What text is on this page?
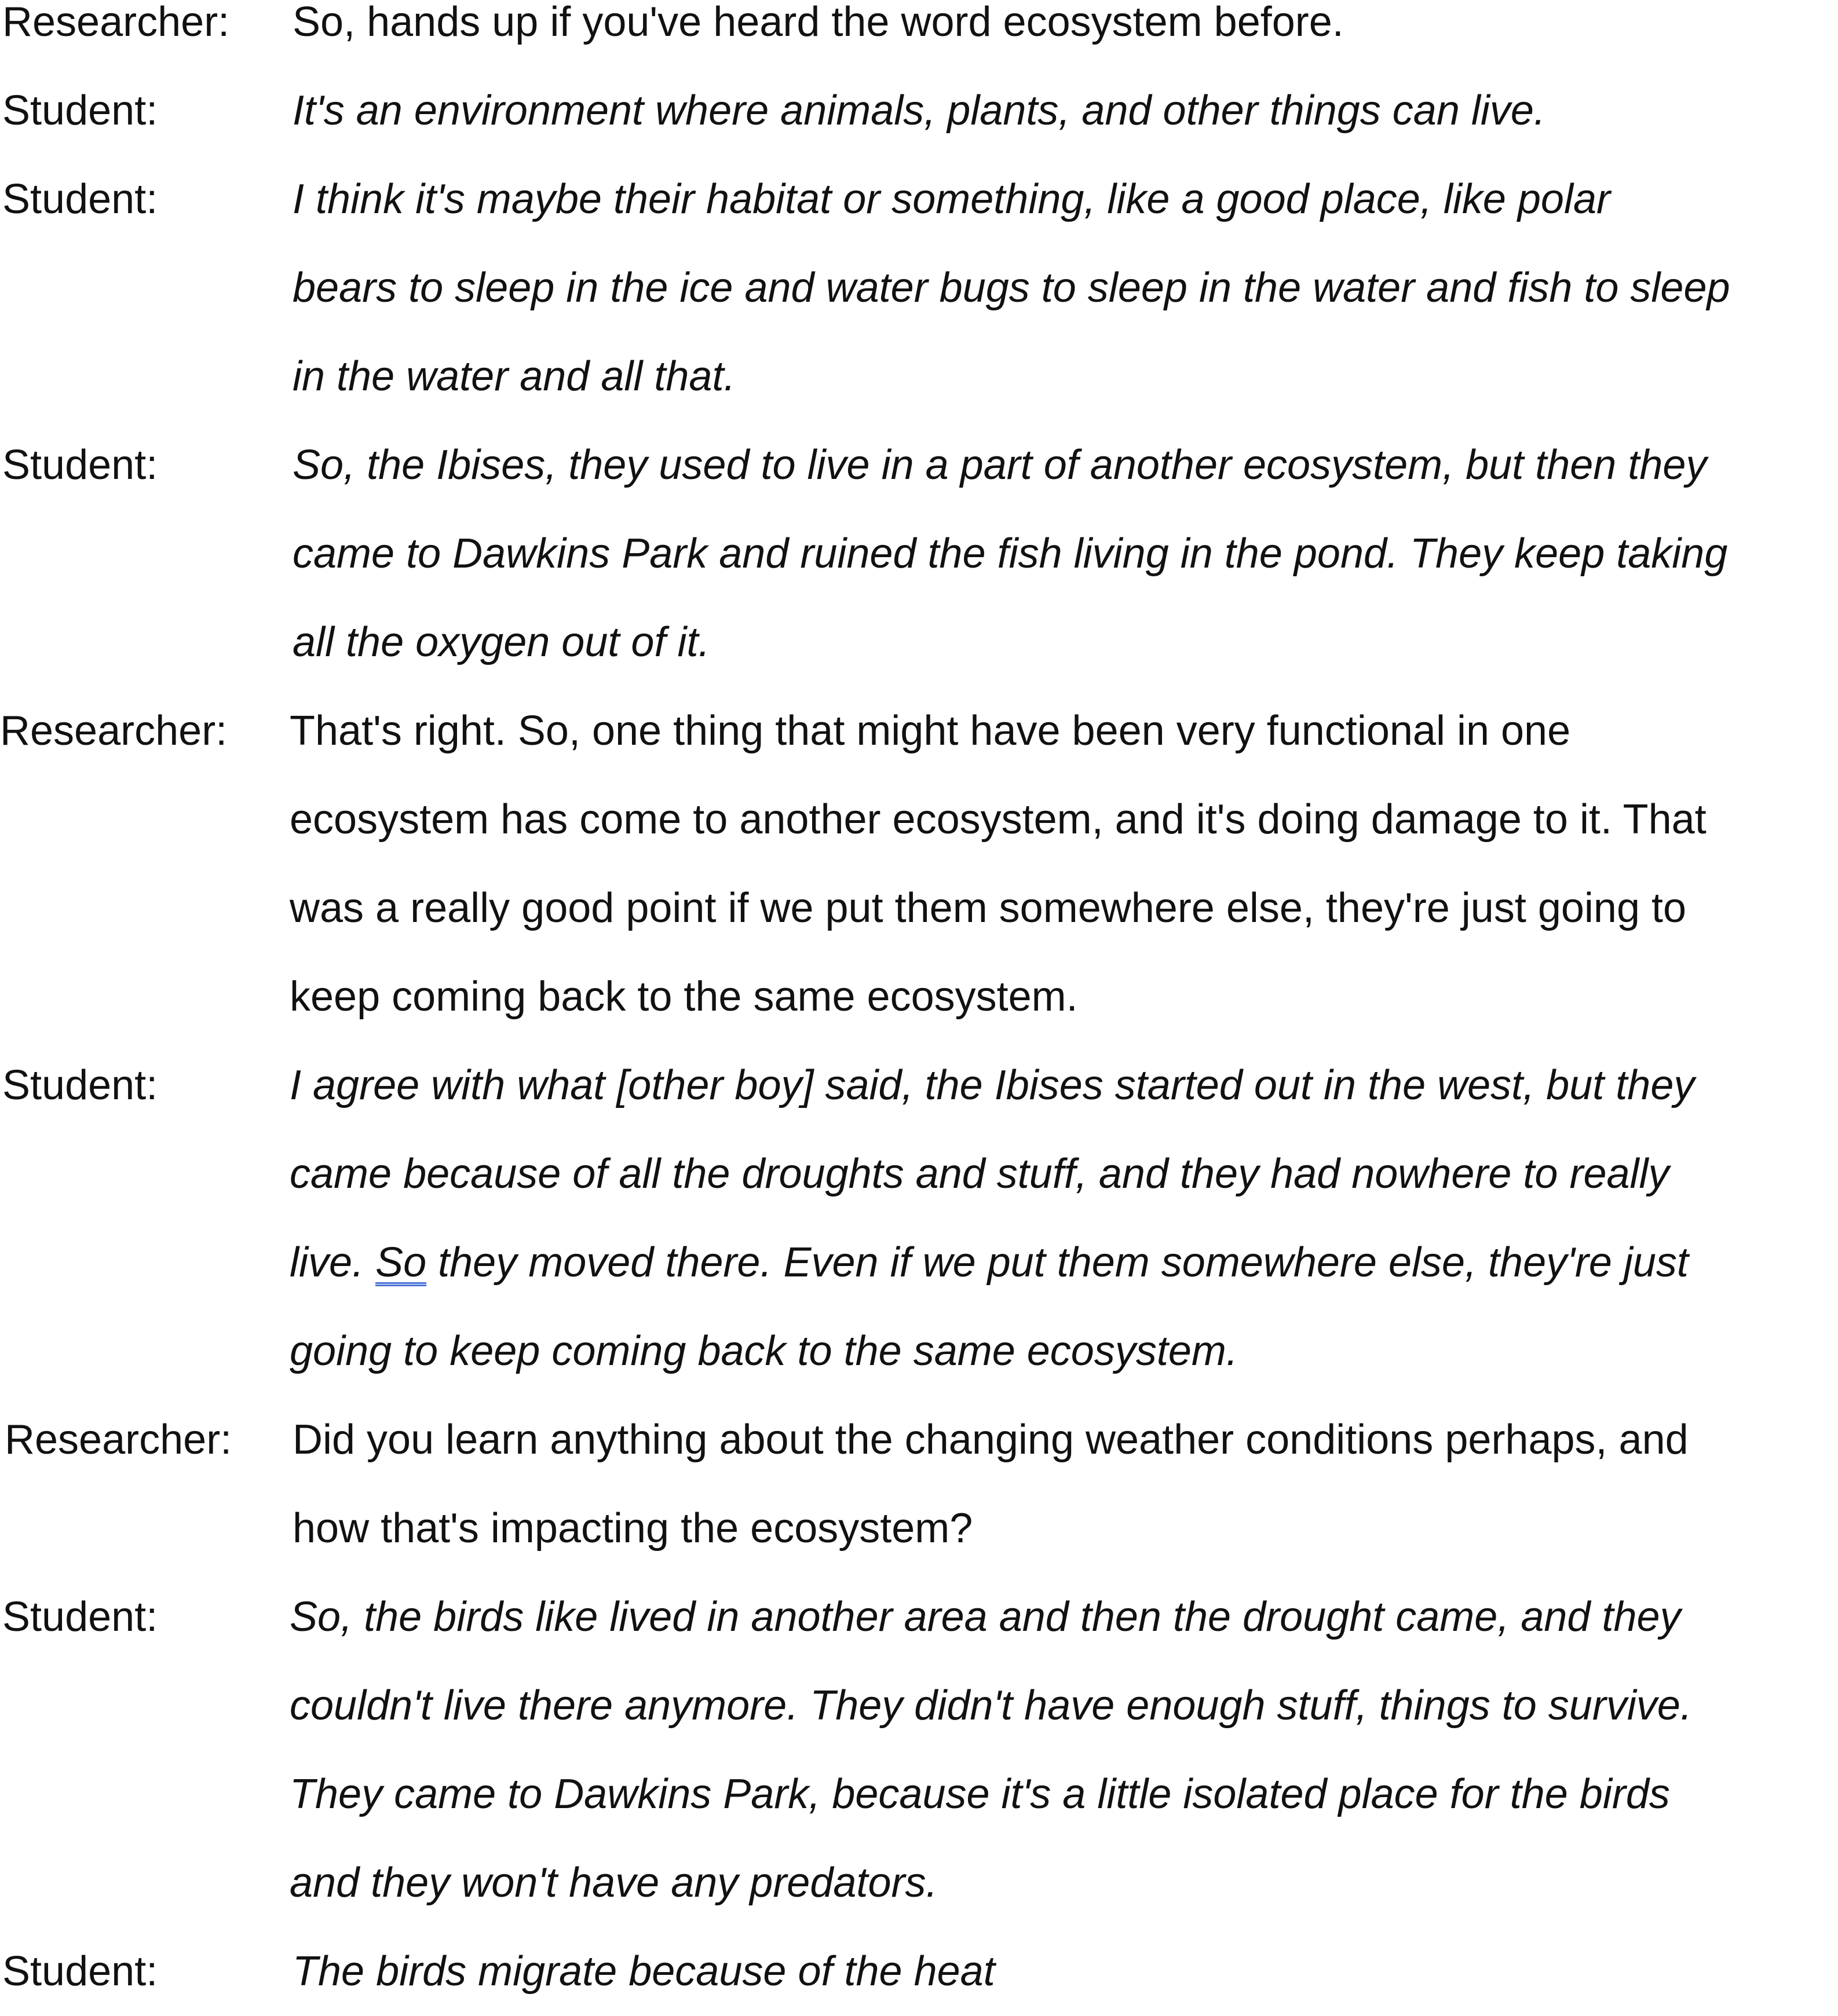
Researcher: So, hands up if you've heard the word ecosystem before.
Student:	It's an environment where animals, plants, and other things can live.
Student:	I think it's maybe their habitat or something, like a good place, like polar
bears to sleep in the ice and water bugs to sleep in the water and fish to sleep
in the water and all that.
Student:	So, the Ibises, they used to live in a part of another ecosystem, but then they
came to Dawkins Park and ruined the fish living in the pond. They keep taking
all the oxygen out of it.
Researcher: That's right. So, one thing that might have been very functional in one
ecosystem has come to another ecosystem, and it's doing damage to it. That
was a really good point if we put them somewhere else, they're just going to
keep coming back to the same ecosystem.
Student:	I agree with what [other boy] said, the Ibises started out in the west, but they
came because of all the droughts and stuff, and they had nowhere to really
live. So they moved there. Even if we put them somewhere else, they're just
going to keep coming back to the same ecosystem.
Researcher: Did you learn anything about the changing weather conditions perhaps, and
how that's impacting the ecosystem?
Student:	So, the birds like lived in another area and then the drought came, and they
couldn't live there anymore. They didn't have enough stuff, things to survive.
They came to Dawkins Park, because it's a little isolated place for the birds
and they won't have any predators.
Student:	The birds migrate because of the heat
